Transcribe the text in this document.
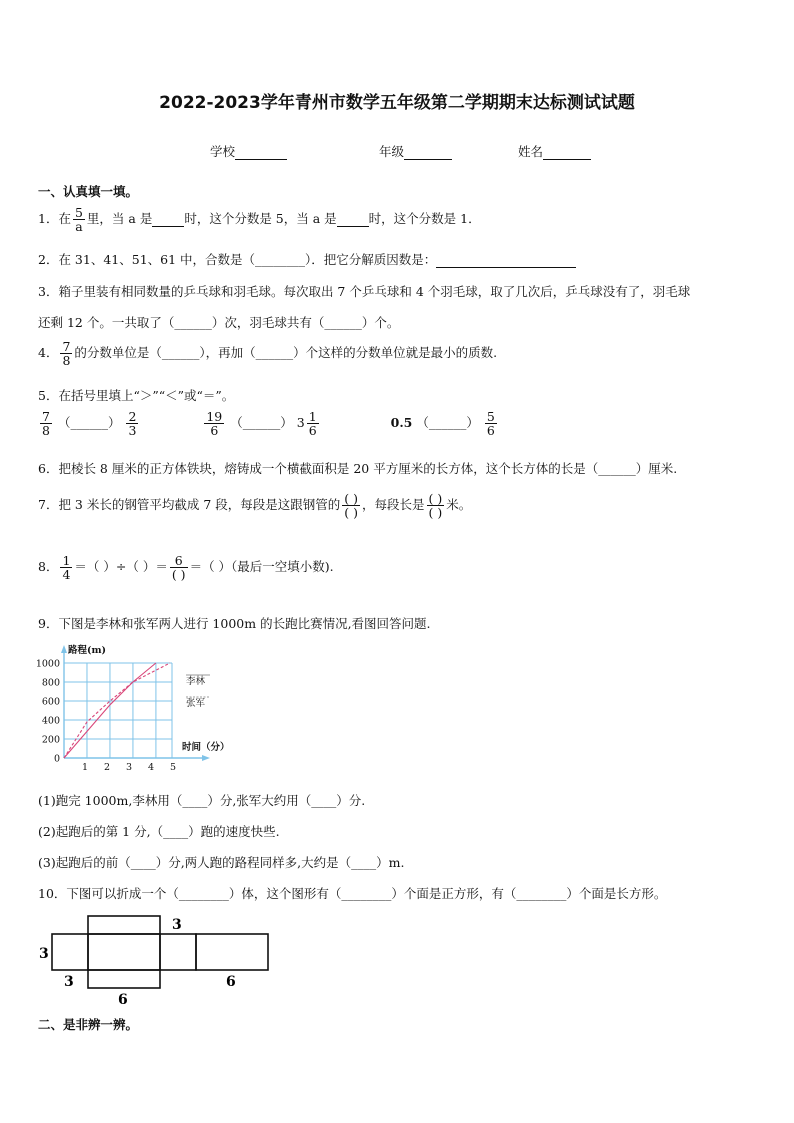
2022-2023学年青州市数学五年级第二学期期末达标测试试题
学校	年级	姓名
一、认真填一填。
1．在 $\frac{5}{a}$ 里，当 a 是	时，这个分数是 5，当 a 是	时，这个分数是 1．
2．在 31、41、51、61 中，合数是（________）．把它分解质因数是：
3．箱子里装有相同数量的乒乓球和羽毛球。每次取出 7 个乒乓球和 4 个羽毛球，取了几次后，乒乓球没有了，羽毛球
还剩 12 个。一共取了（______）次，羽毛球共有（______）个。
4． $\frac{7}{8}$ 的分数单位是（______），再加（______）个这样的分数单位就是最小的质数.
5．在括号里填上“＞”“＜”或“＝”。
$\frac{7}{8}$ （______） $\frac{2}{3}$
	$\frac{19}{6}$ （______） $3 \frac{1}{6}$	0.5 （______） $\frac{5}{6}$
6．把棱长 8 厘米的正方体铁块，熔铸成一个横截面积是 20 平方厘米的长方体，这个长方体的长是（______）厘米.
7．把 3 米长的钢管平均截成 7 段，每段是这跟钢管的 $\frac{( )}{( )}$ ，每段长是 $\frac{( )}{( )}$ 米。
8． $\frac{1}{4}$ ＝（ ）÷（ ）＝ $\frac{6}{( )}$ ＝（ ）（最后一空填小数).
9．下图是李林和张军两人进行 1000m 的长跑比赛情况,看图回答问题.
0
200
400
600
800
1000
1 2 3 4 5
路程(m)
时间（分）
李林
张军
(1)跑完 1000m,李林用（____）分,张军大约用（____）分.
(2)起跑后的第 1 分,（____）跑的速度快些.
(3)起跑后的前（____）分,两人跑的路程同样多,大约是（____）m.
10．下图可以折成一个（________）体，这个图形有（________）个面是正方形，有（________）个面是长方形。
3
3
3
6
6
二、是非辨一辨。
